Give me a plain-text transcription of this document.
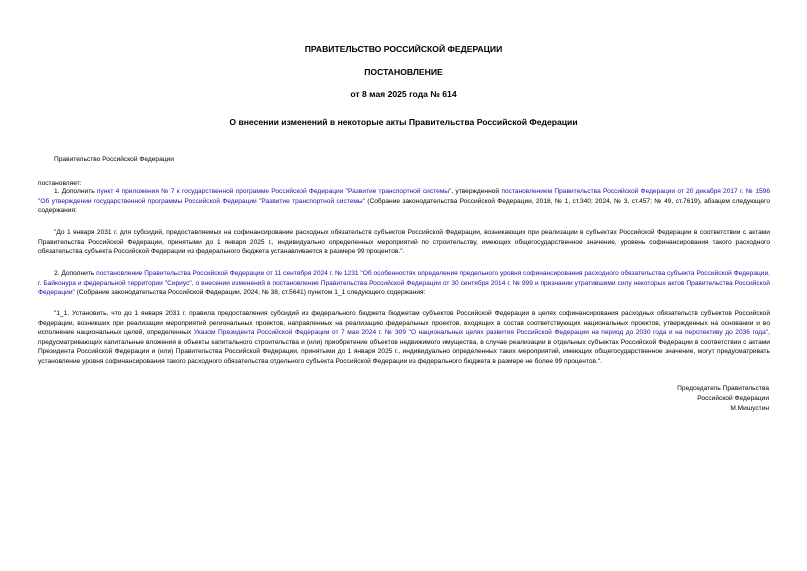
ПРАВИТЕЛЬСТВО РОССИЙСКОЙ ФЕДЕРАЦИИ
ПОСТАНОВЛЕНИЕ
от 8 мая 2025 года № 614
О внесении изменений в некоторые акты Правительства Российской Федерации
Правительство Российской Федерации
постановляет:
1. Дополнить пункт 4 приложения № 7 к государственной программе Российской Федерации "Развитие транспортной системы", утвержденной постановлением Правительства Российской Федерации от 20 декабря 2017 г. № 1596 "Об утверждении государственной программы Российской Федерации "Развитие транспортной системы" (Собрание законодательства Российской Федерации, 2018, № 1, ст.340; 2024, № 3, ст.457; № 49, ст.7619), абзацем следующего содержания:
"До 1 января 2031 г. для субсидий, предоставляемых на софинансирование расходных обязательств субъектов Российской Федерации, возникающих при реализации в субъектах Российской Федерации в соответствии с актами Правительства Российской Федерации, принятыми до 1 января 2025 г., индивидуально определенных мероприятий по строительству, имеющих общегосударственное значение, уровень софинансирования такого расходного обязательства субъекта Российской Федерации из федерального бюджета устанавливается в размере 99 процентов.".
2. Дополнить постановление Правительства Российской Федерации от 11 сентября 2024 г. № 1231 "Об особенностях определения предельного уровня софинансирования расходного обязательства субъекта Российской Федерации, г. Байконура и федеральной территории "Сириус", о внесении изменений в постановление Правительства Российской Федерации от 30 сентября 2014 г. № 999 и признании утратившими силу некоторых актов Правительства Российской Федерации" (Собрание законодательства Российской Федерации, 2024, № 38, ст.5641) пунктом 1_1 следующего содержания:
"1_1. Установить, что до 1 января 2031 г. правила предоставления субсидий из федерального бюджета бюджетам субъектов Российской Федерации в целях софинансирования расходных обязательств субъектов Российской Федерации, возникших при реализации мероприятий региональных проектов, направленных на реализацию федеральных проектов, входящих в состав соответствующих национальных проектов, утвержденных на основании и во исполнение национальных целей, определенных Указом Президента Российской Федерации от 7 мая 2024 г. № 309 "О национальных целях развития Российской Федерации на период до 2030 года и на перспективу до 2036 года", предусматривающих капитальные вложения в объекты капитального строительства и (или) приобретение объектов недвижимого имущества, в случае реализации в отдельных субъектах Российской Федерации в соответствии с актами Президента Российской Федерации и (или) Правительства Российской Федерации, принятыми до 1 января 2025 г., индивидуально определенных таких мероприятий, имеющих общегосударственное значение, могут предусматривать установление уровня софинансирования такого расходного обязательства отдельного субъекта Российской Федерации из федерального бюджета в размере не более 99 процентов.".
Председатель Правительства
Российской Федерации
М.Мишустин
